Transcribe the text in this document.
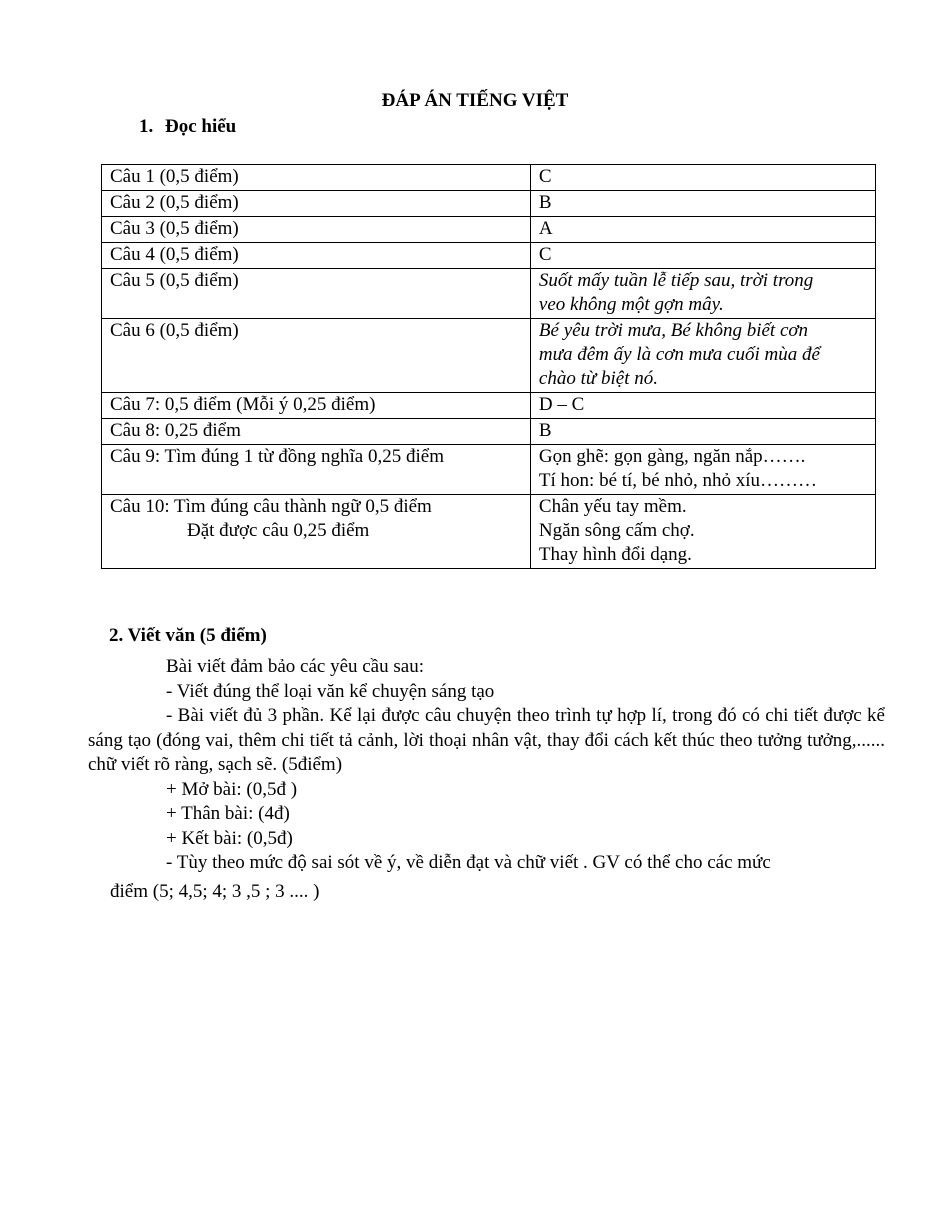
ĐÁP ÁN TIẾNG VIỆT
1. Đọc hiểu
Câu 1 (0,5 điểm)	C

Câu 2 (0,5 điểm)	B

Câu 3 (0,5 điểm)	A

Câu 4 (0,5 điểm)	C

Câu 5 (0,5 điểm)	Suốt mấy tuần lễ tiếp sau, trời trong
veo không một gợn mây.

Câu 6 (0,5 điểm)	Bé yêu trời mưa, Bé không biết cơn
mưa đêm ấy là cơn mưa cuối mùa để
chào từ biệt nó.

Câu 7: 0,5 điểm (Mỗi ý 0,25 điểm)	D – C

Câu 8: 0,25 điểm	B

Câu 9: Tìm đúng 1 từ đồng nghĩa 0,25 điểm	Gọn ghẽ: gọn gàng, ngăn nắp…….
Tí hon: bé tí, bé nhỏ, nhỏ xíu………

Câu 10: Tìm đúng câu thành ngữ 0,5 điểm
Đặt được câu 0,25 điểm	Chân yếu tay mềm.
Ngăn sông cấm chợ.
Thay hình đổi dạng.
2. Viết văn (5 điểm)

Bài viết đảm bảo các yêu cầu sau:

- Viết đúng thể loại văn kể chuyện sáng tạo

- Bài viết đủ 3 phần. Kể lại được câu chuyện theo trình tự hợp lí, trong đó có chi tiết được kể sáng tạo (đóng vai, thêm chi tiết tả cảnh, lời thoại nhân vật, thay đổi cách kết thúc theo tưởng tưởng,...... chữ viết rõ ràng, sạch sẽ. (5điểm)

+ Mở bài: (0,5đ )

+ Thân bài: (4đ)

+ Kết bài: (0,5đ)

- Tùy theo mức độ sai sót về ý, về diễn đạt và chữ viết . GV có thể cho các mức

điểm (5; 4,5; 4; 3 ,5 ; 3 .... )
